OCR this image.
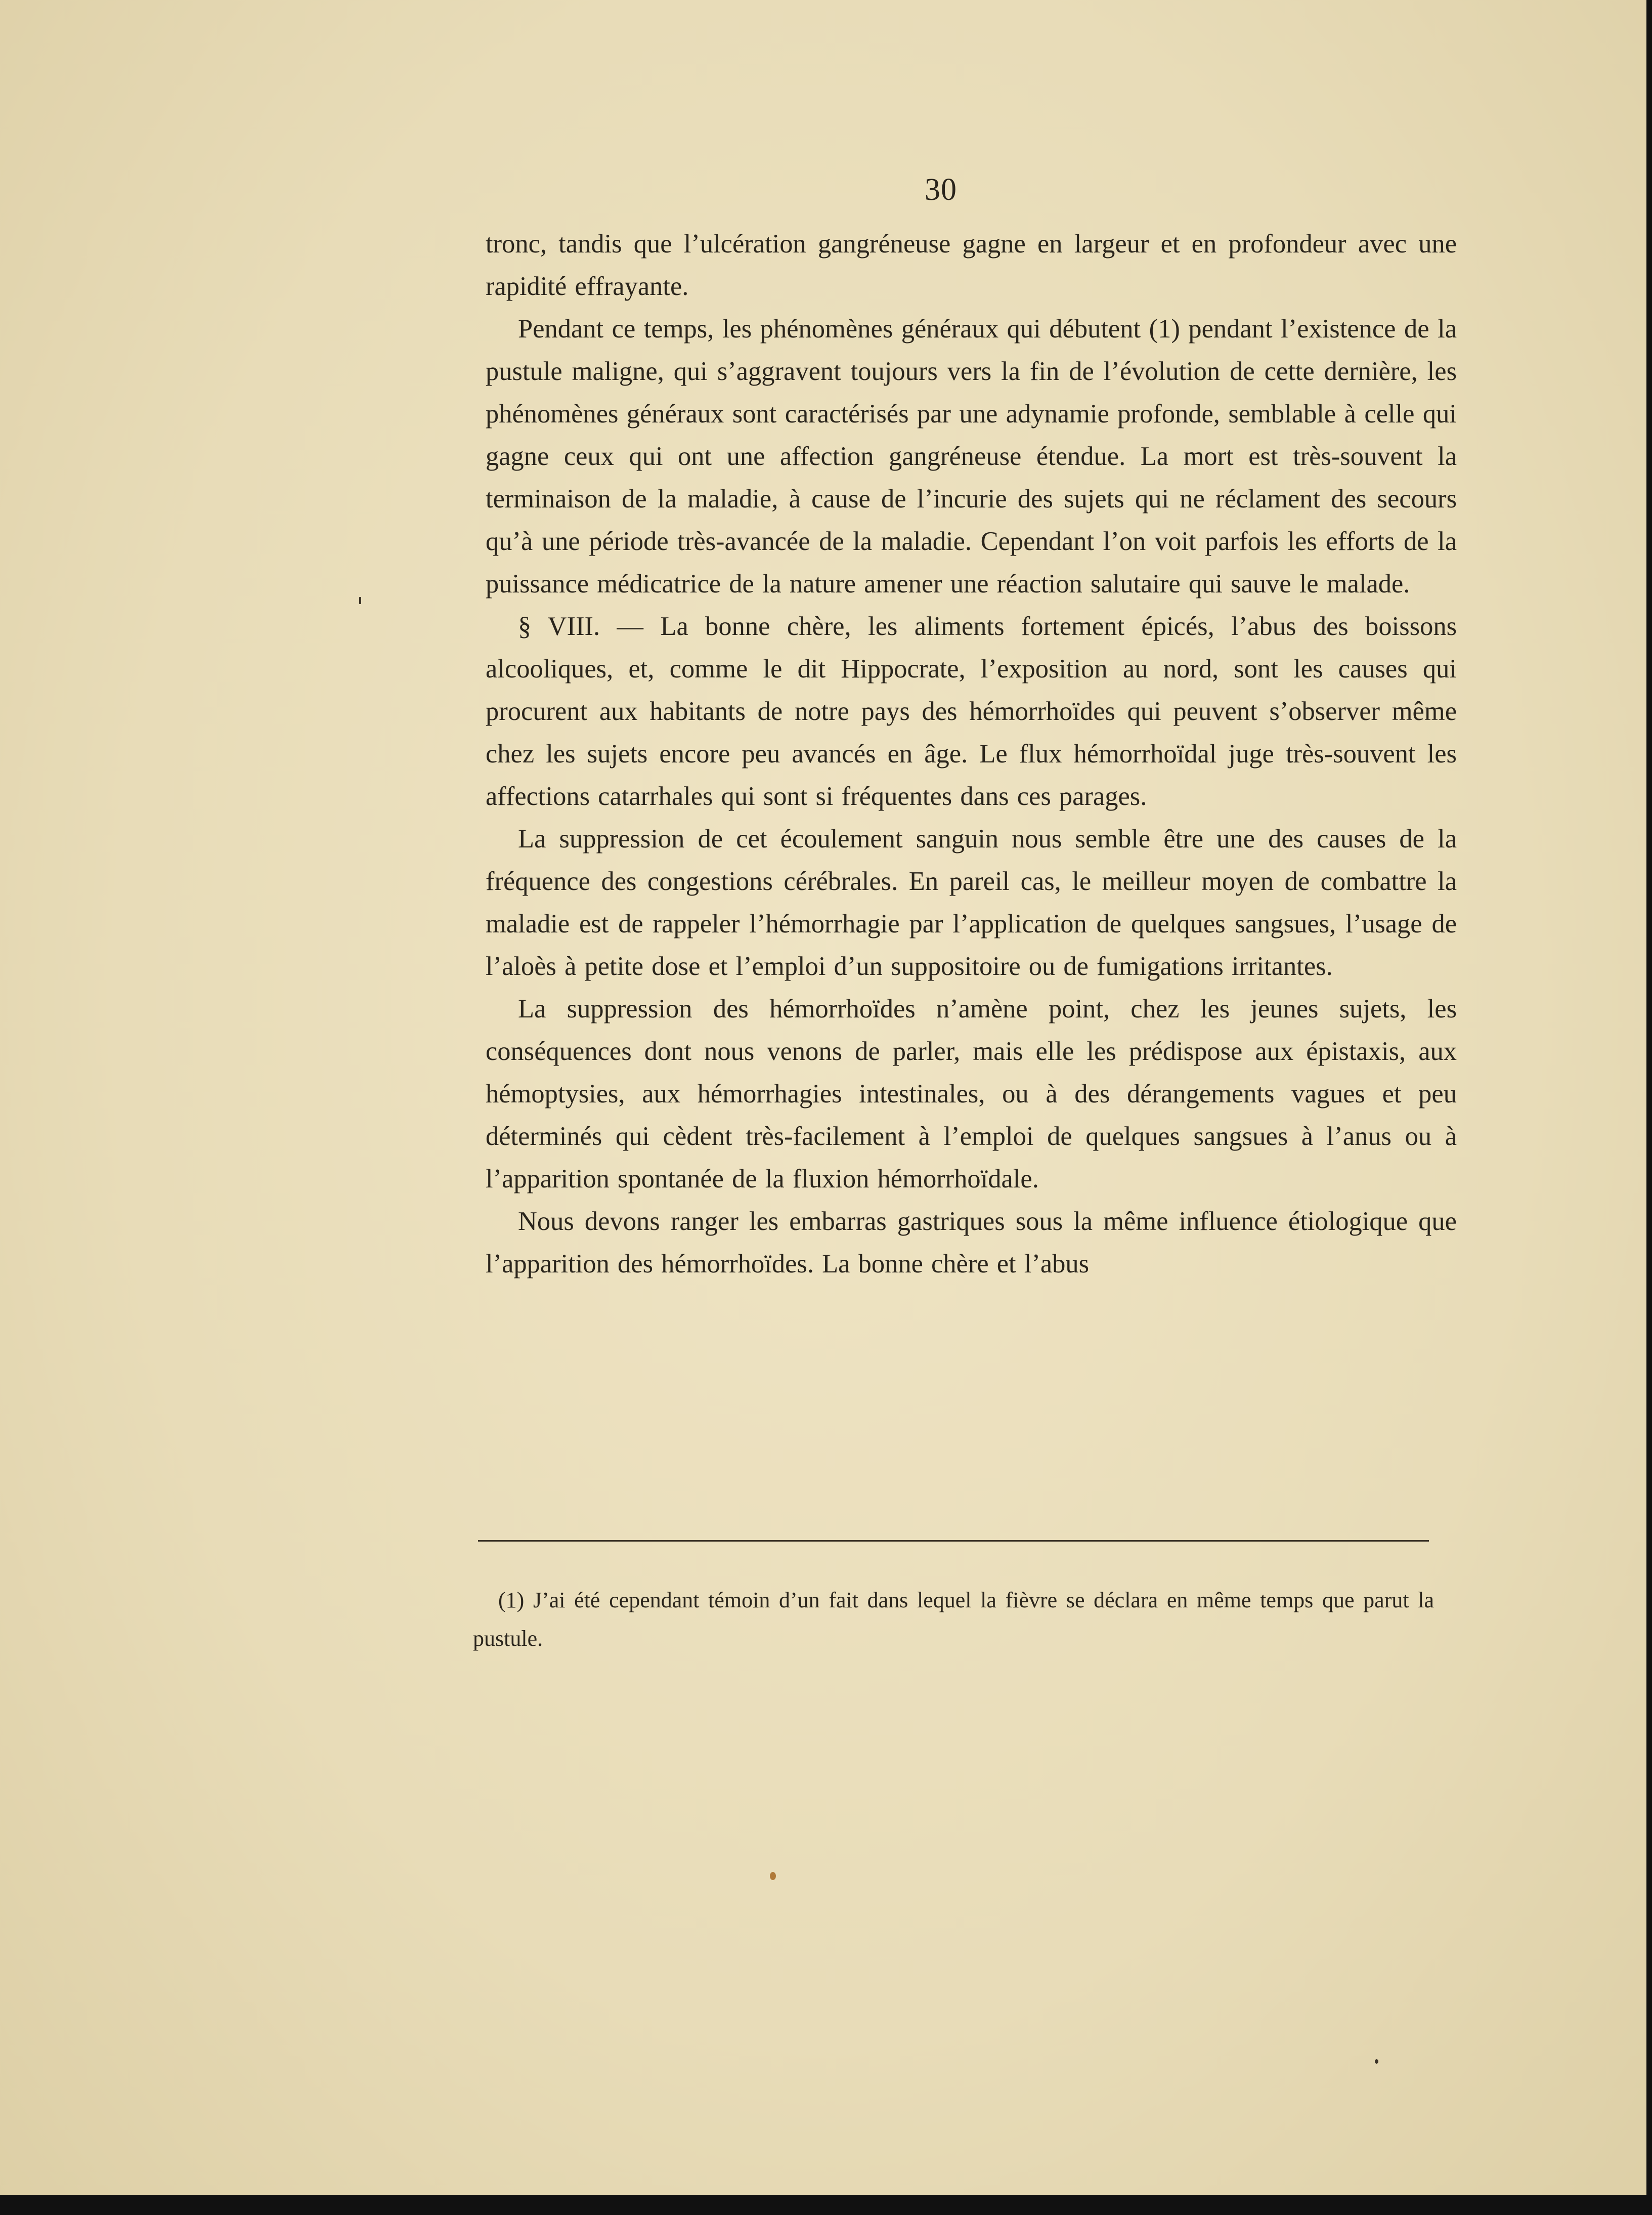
30

tronc, tandis que l’ulcération gangréneuse gagne en largeur et en profondeur avec une rapidité effrayante.

Pendant ce temps, les phénomènes généraux qui débutent (1) pendant l’existence de la pustule maligne, qui s’aggravent toujours vers la fin de l’évolution de cette dernière, les phénomènes généraux sont caractérisés par une adynamie profonde, semblable à celle qui gagne ceux qui ont une affection gangréneuse étendue. La mort est très-souvent la terminaison de la maladie, à cause de l’incurie des sujets qui ne réclament des secours qu’à une période très-avancée de la maladie. Cependant l’on voit parfois les efforts de la puissance médicatrice de la nature amener une réaction salutaire qui sauve le malade.

§ VIII. — La bonne chère, les aliments fortement épicés, l’abus des boissons alcooliques, et, comme le dit Hippocrate, l’exposition au nord, sont les causes qui procurent aux habitants de notre pays des hémorrhoïdes qui peuvent s’observer même chez les sujets encore peu avancés en âge. Le flux hémorrhoïdal juge très-souvent les affections catarrhales qui sont si fréquentes dans ces parages.

La suppression de cet écoulement sanguin nous semble être une des causes de la fréquence des congestions cérébrales. En pareil cas, le meilleur moyen de combattre la maladie est de rappeler l’hémorrhagie par l’application de quelques sangsues, l’usage de l’aloès à petite dose et l’emploi d’un suppositoire ou de fumigations irritantes.

La suppression des hémorrhoïdes n’amène point, chez les jeunes sujets, les conséquences dont nous venons de parler, mais elle les prédispose aux épistaxis, aux hémoptysies, aux hémorrhagies intestinales, ou à des dérangements vagues et peu déterminés qui cèdent très-facilement à l’emploi de quelques sangsues à l’anus ou à l’apparition spontanée de la fluxion hémorrhoïdale.

Nous devons ranger les embarras gastriques sous la même influence étiologique que l’apparition des hémorrhoïdes. La bonne chère et l’abus

(1) J’ai été cependant témoin d’un fait dans lequel la fièvre se déclara en même temps que parut la pustule.
